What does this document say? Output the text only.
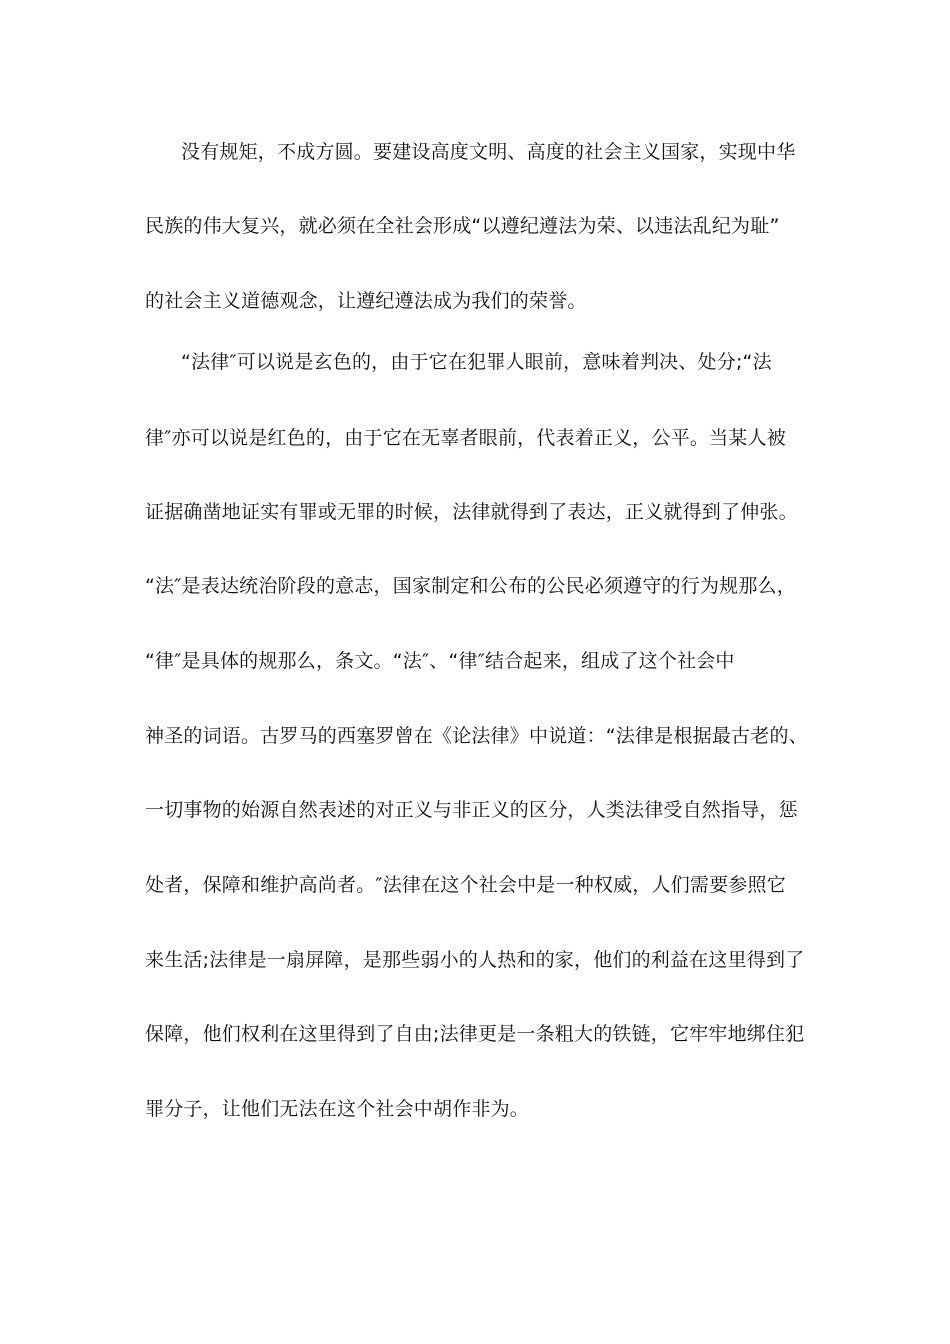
没有规矩，不成方圆。要建设高度文明、高度的社会主义国家，实现中华
民族的伟大复兴，就必须在全社会形成“以遵纪遵法为荣、以违法乱纪为耻”
的社会主义道德观念，让遵纪遵法成为我们的荣誉。
“法律″可以说是玄色的，由于它在犯罪人眼前，意味着判决、处分;“法
律″亦可以说是红色的，由于它在无辜者眼前，代表着正义，公平。当某人被
证据确凿地证实有罪或无罪的时候，法律就得到了表达，正义就得到了伸张。
“法″是表达统治阶段的意志，国家制定和公布的公民必须遵守的行为规那么，
“律″是具体的规那么，条文。“法″、“律″结合起来，组成了这个社会中
神圣的词语。古罗马的西塞罗曾在《论法律》中说道：“法律是根据最古老的、
一切事物的始源自然表述的对正义与非正义的区分，人类法律受自然指导，惩
处者，保障和维护高尚者。″法律在这个社会中是一种权威，人们需要参照它
来生活;法律是一扇屏障，是那些弱小的人热和的家，他们的利益在这里得到了
保障，他们权利在这里得到了自由;法律更是一条粗大的铁链，它牢牢地绑住犯
罪分子，让他们无法在这个社会中胡作非为。
